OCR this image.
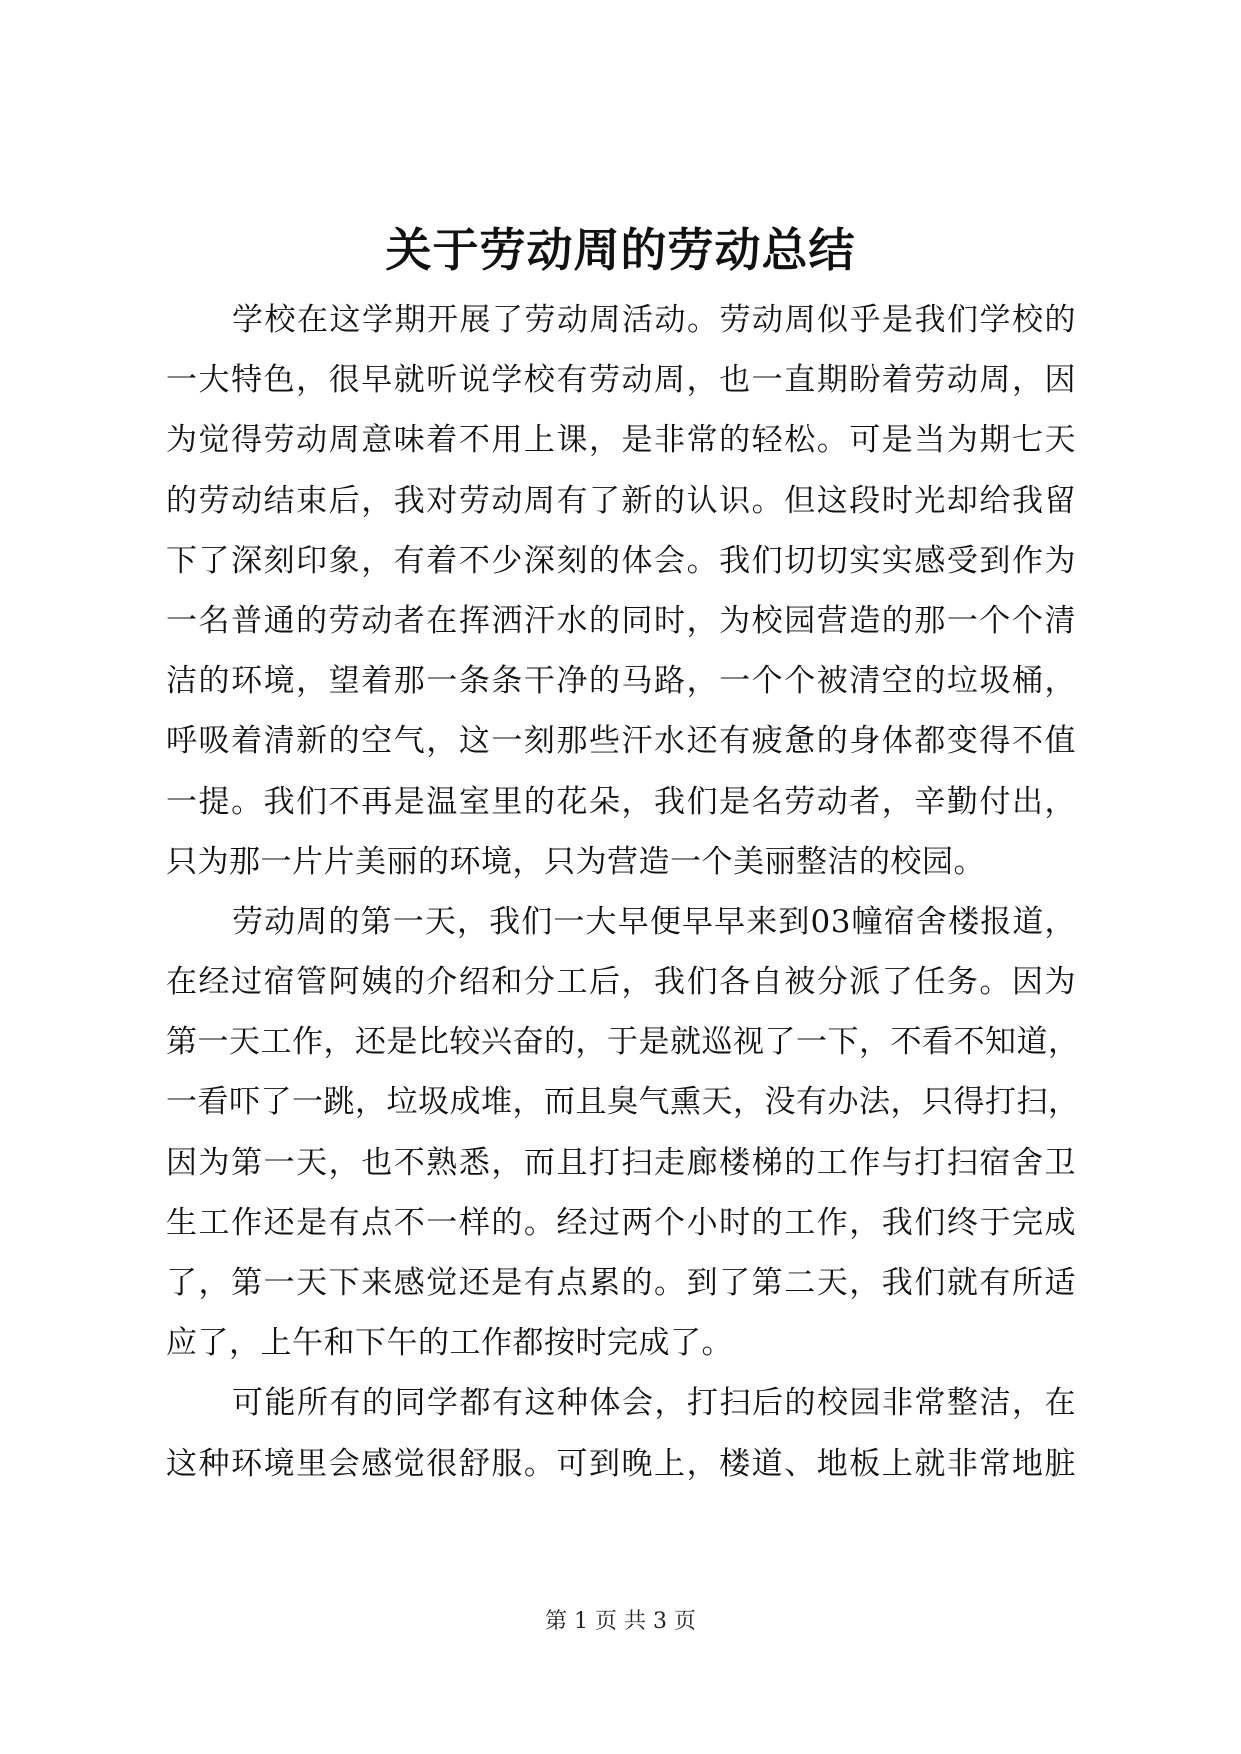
关于劳动周的劳动总结
学校在这学期开展了劳动周活动。劳动周似乎是我们学校的
一大特色，很早就听说学校有劳动周，也一直期盼着劳动周，因
为觉得劳动周意味着不用上课，是非常的轻松。可是当为期七天
的劳动结束后，我对劳动周有了新的认识。但这段时光却给我留
下了深刻印象，有着不少深刻的体会。我们切切实实感受到作为
一名普通的劳动者在挥洒汗水的同时，为校园营造的那一个个清
洁的环境，望着那一条条干净的马路，一个个被清空的垃圾桶，
呼吸着清新的空气，这一刻那些汗水还有疲惫的身体都变得不值
一提。我们不再是温室里的花朵，我们是名劳动者，辛勤付出，
只为那一片片美丽的环境，只为营造一个美丽整洁的校园。
劳动周的第一天，我们一大早便早早来到03幢宿舍楼报道，
在经过宿管阿姨的介绍和分工后，我们各自被分派了任务。因为
第一天工作，还是比较兴奋的，于是就巡视了一下，不看不知道，
一看吓了一跳，垃圾成堆，而且臭气熏天，没有办法，只得打扫，
因为第一天，也不熟悉，而且打扫走廊楼梯的工作与打扫宿舍卫
生工作还是有点不一样的。经过两个小时的工作，我们终于完成
了，第一天下来感觉还是有点累的。到了第二天，我们就有所适
应了，上午和下午的工作都按时完成了。
可能所有的同学都有这种体会，打扫后的校园非常整洁，在
这种环境里会感觉很舒服。可到晚上，楼道、地板上就非常地脏
第 1 页 共 3 页
